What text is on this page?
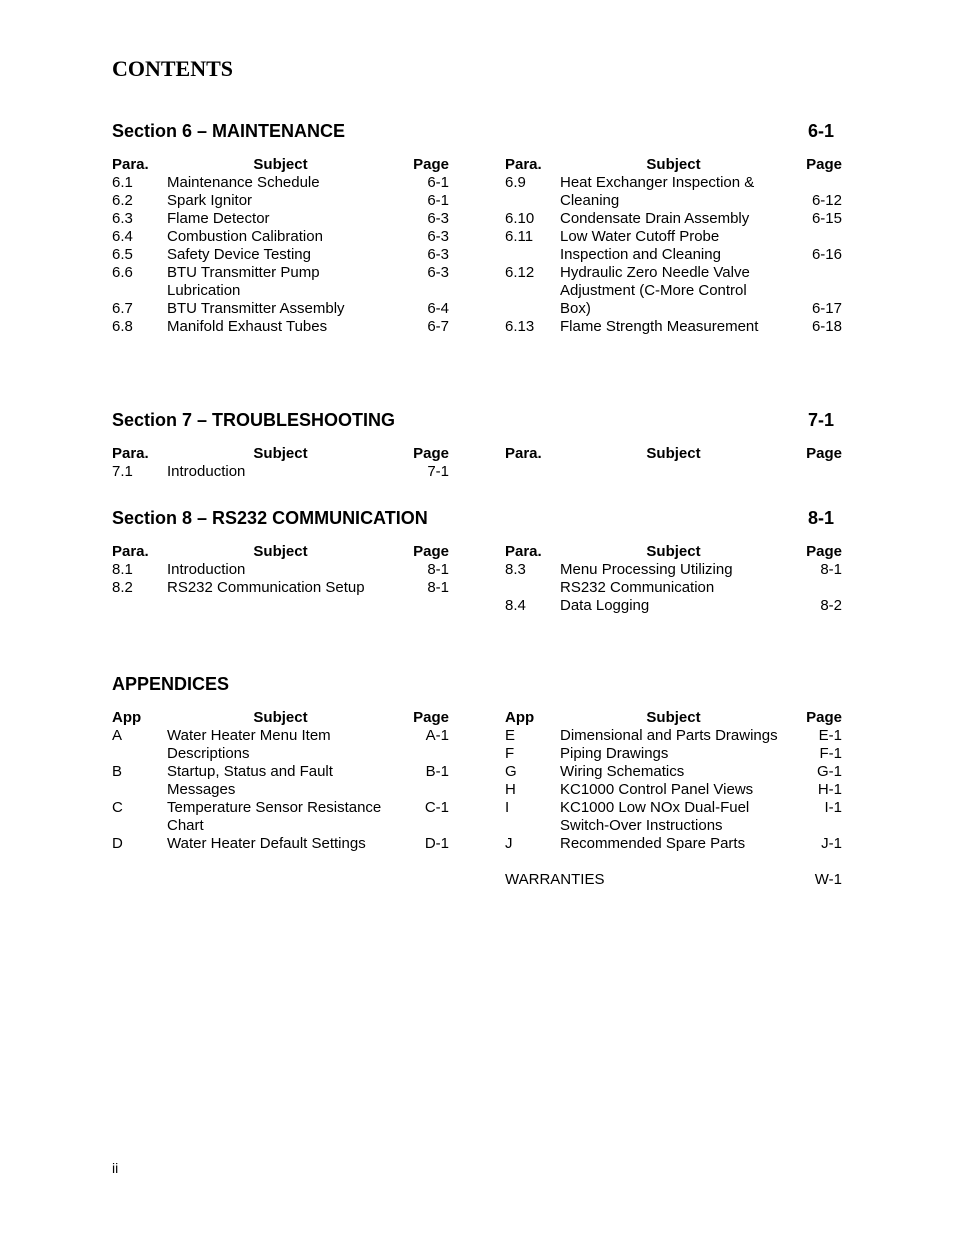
CONTENTS
Section 6 – MAINTENANCE	6-1
Para.	Subject	Page
6.1 Maintenance Schedule	6-1
6.2 Spark Ignitor	6-1
6.3 Flame Detector	6-3
6.4 Combustion Calibration	6-3
6.5 Safety Device Testing	6-3
6.6 BTU Transmitter Pump	6-3
Lubrication
6.7 BTU Transmitter Assembly	6-4
6.8 Manifold Exhaust Tubes	6-7
Para.	Subject	Page
6.9 Heat Exchanger Inspection &
Cleaning	6-12
6.10 Condensate Drain Assembly	6-15
6.11 Low Water Cutoff Probe
Inspection and Cleaning	6-16
6.12 Hydraulic Zero Needle Valve
Adjustment (C-More Control
Box)	6-17
6.13 Flame Strength Measurement	6-18
Section 7 – TROUBLESHOOTING	7-1
Para.	Subject	Page
7.1 Introduction	7-1
Para.	Subject	Page
Section 8 – RS232 COMMUNICATION	8-1
Para.	Subject	Page
8.1 Introduction	8-1
8.2 RS232 Communication Setup	8-1
Para.	Subject	Page
8.3 Menu Processing Utilizing	8-1
RS232 Communication
8.4 Data Logging	8-2
APPENDICES
App	Subject	Page
A	Water Heater Menu Item	A-1
Descriptions
B	Startup, Status and Fault	B-1
Messages
C	Temperature Sensor Resistance	C-1
Chart
D	Water Heater Default Settings	D-1
App	Subject	Page
E	Dimensional and Parts Drawings	E-1
F	Piping Drawings	F-1
G	Wiring Schematics	G-1
H	KC1000 Control Panel Views	H-1
I	KC1000 Low NOx Dual-Fuel	I-1
Switch-Over Instructions
J	Recommended Spare Parts	J-1
WARRANTIES	W-1
ii
